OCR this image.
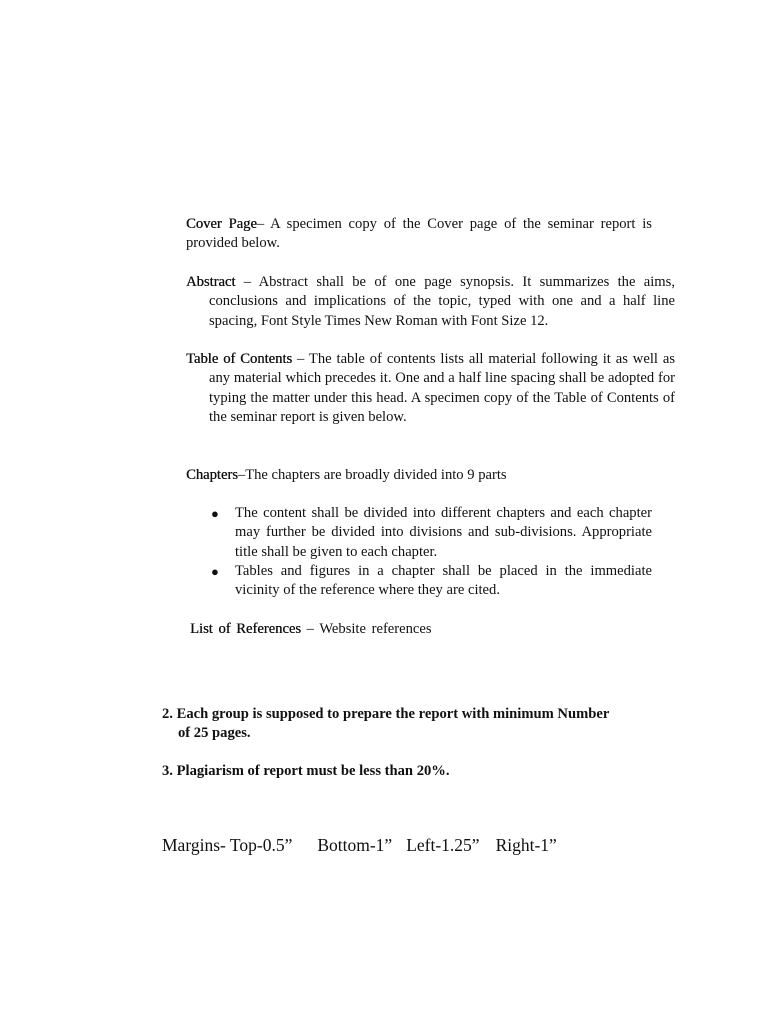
Cover Page– A specimen copy of the Cover page of the seminar report is provided below.
Abstract – Abstract shall be of one page synopsis. It summarizes the aims, conclusions and implications of the topic, typed with one and a half line spacing, Font Style Times New Roman with Font Size 12.
Table of Contents – The table of contents lists all material following it as well as any material which precedes it. One and a half line spacing shall be adopted for typing the matter under this head. A specimen copy of the Table of Contents of the seminar report is given below.
Chapters–The chapters are broadly divided into 9 parts
● The content shall be divided into different chapters and each chapter may further be divided into divisions and sub-divisions. Appropriate title shall be given to each chapter.
● Tables and figures in a chapter shall be placed in the immediate vicinity of the reference where they are cited.
List of References – Website references
2. Each group is supposed to prepare the report with minimum Number
of 25 pages.
3. Plagiarism of report must be less than 20%.
Margins- Top-0.5” Bottom-1” Left-1.25” Right-1”
